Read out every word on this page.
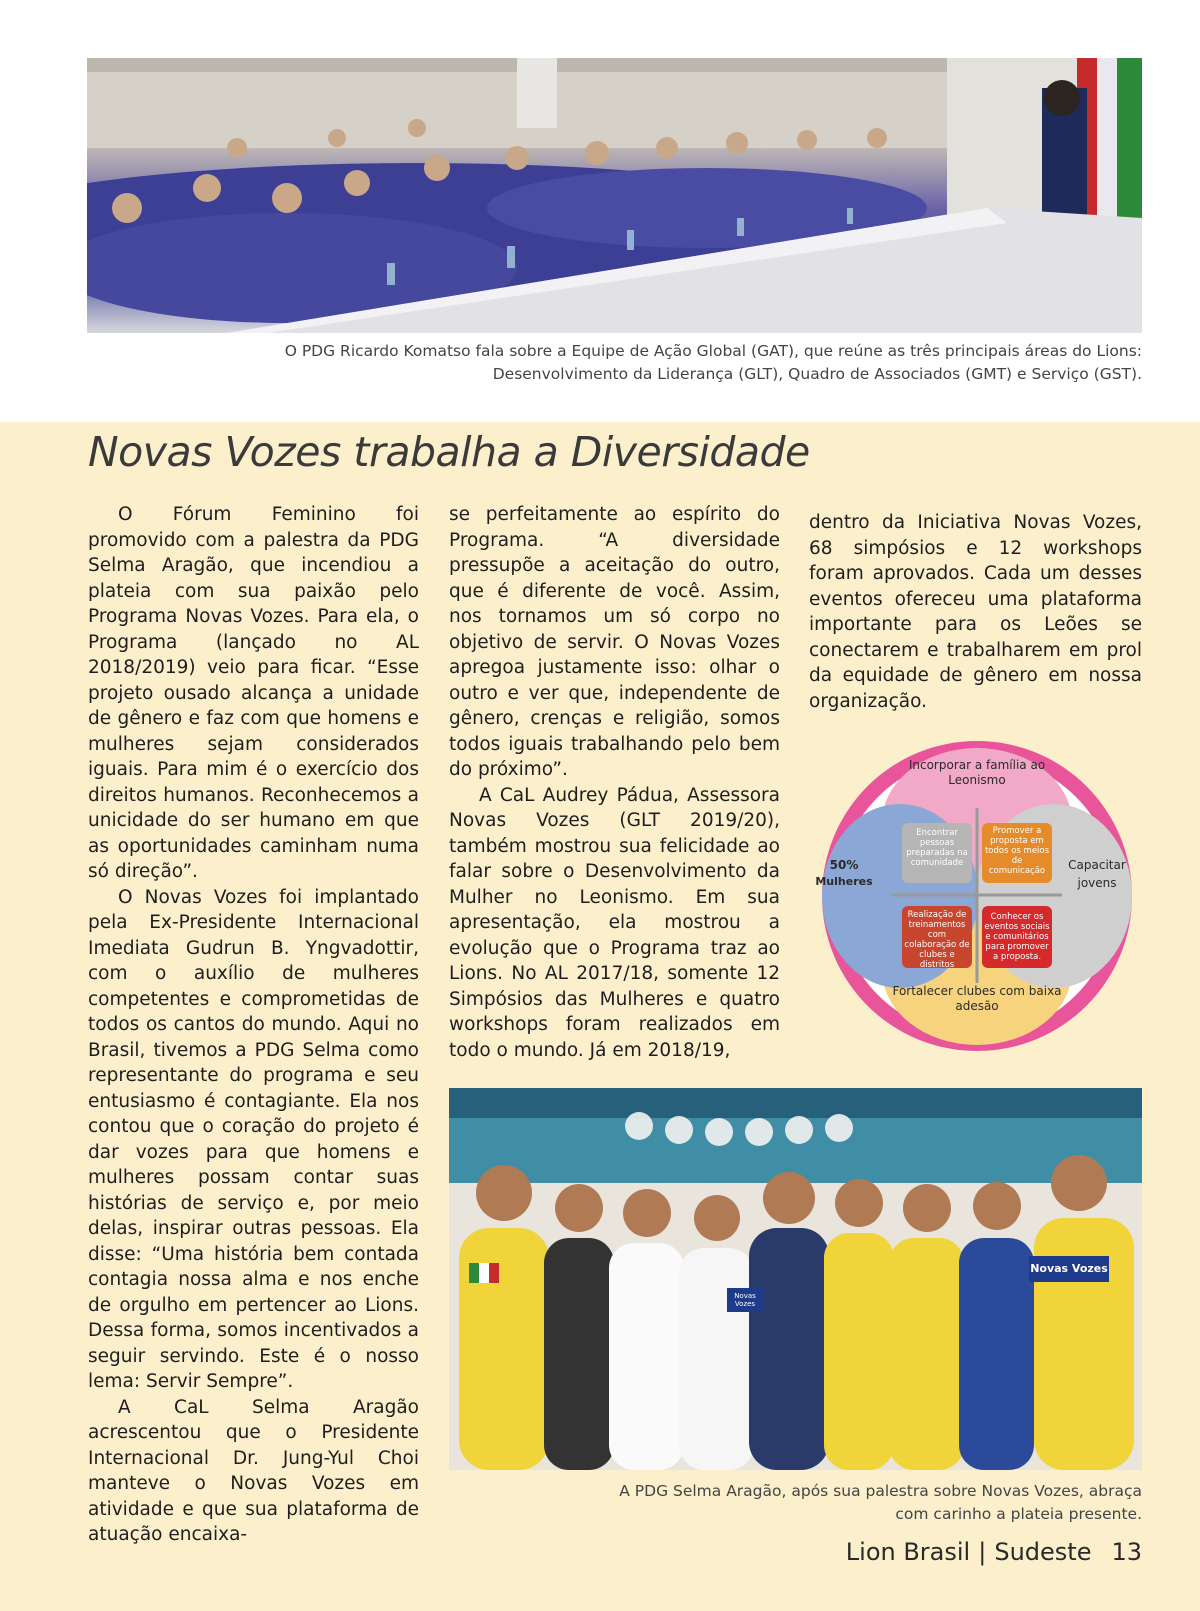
O PDG Ricardo Komatso fala sobre a Equipe de Ação Global (GAT), que reúne as três principais áreas do Lions: Desenvolvimento da Liderança (GLT), Quadro de Associados (GMT) e Serviço (GST).
Novas Vozes trabalha a Diversidade

O Fórum Feminino foi promovido com a palestra da PDG Selma Aragão, que incendiou a plateia com sua paixão pelo Programa Novas Vozes. Para ela, o Programa (lançado no AL 2018/2019) veio para ficar. “Esse projeto ousado alcança a unidade de gênero e faz com que homens e mulheres sejam considerados iguais. Para mim é o exercício dos direitos humanos. Reconhecemos a unicidade do ser humano em que as oportunidades caminham numa só direção”.

O Novas Vozes foi implantado pela Ex-Presidente Internacional Imediata Gudrun B. Yngvadottir, com o auxílio de mulheres competentes e comprometidas de todos os cantos do mundo. Aqui no Brasil, tivemos a PDG Selma como representante do programa e seu entusiasmo é contagiante. Ela nos contou que o coração do projeto é dar vozes para que homens e mulheres possam contar suas histórias de serviço e, por meio delas, inspirar outras pessoas. Ela disse: “Uma história bem contada contagia nossa alma e nos enche de orgulho em pertencer ao Lions. Dessa forma, somos incentivados a seguir servindo. Este é o nosso lema: Servir Sempre”.

A CaL Selma Aragão acrescentou que o Presidente Internacional Dr. Jung-Yul Choi manteve o Novas Vozes em atividade e que sua plataforma de atuação encaixa-

se perfeitamente ao espírito do Programa. “A diversidade pressupõe a aceitação do outro, que é diferente de você. Assim, nos tornamos um só corpo no objetivo de servir. O Novas Vozes apregoa justamente isso: olhar o outro e ver que, independente de gênero, crenças e religião, somos todos iguais trabalhando pelo bem do próximo”.

A CaL Audrey Pádua, Assessora Novas Vozes (GLT 2019/20), também mostrou sua felicidade ao falar sobre o Desenvolvimento da Mulher no Leonismo. Em sua apresentação, ela mostrou a evolução que o Programa traz ao Lions. No AL 2017/18, somente 12 Simpósios das Mulheres e quatro workshops foram realizados em todo o mundo. Já em 2018/19,

dentro da Iniciativa Novas Vozes, 68 simpósios e 12 workshops foram aprovados. Cada um desses eventos ofereceu uma plataforma importante para os Leões se conectarem e trabalharem em prol da equidade de gênero em nossa organização.

Incorporar a família ao Leonismo
Fortalecer clubes com baixa adesão
50%
Mulheres
Capacitar
jovens
Encontrar pessoas preparadas na comunidade
Promover a proposta em todos os meios de comunicação
Realização de treinamentos com colaboração de clubes e distritos
Conhecer os eventos sociais e comunitários para promover a proposta.
Novas Vozes
Novas Vozes
A PDG Selma Aragão, após sua palestra sobre Novas Vozes, abraça com carinho a plateia presente.
Lion Brasil | Sudeste 13
